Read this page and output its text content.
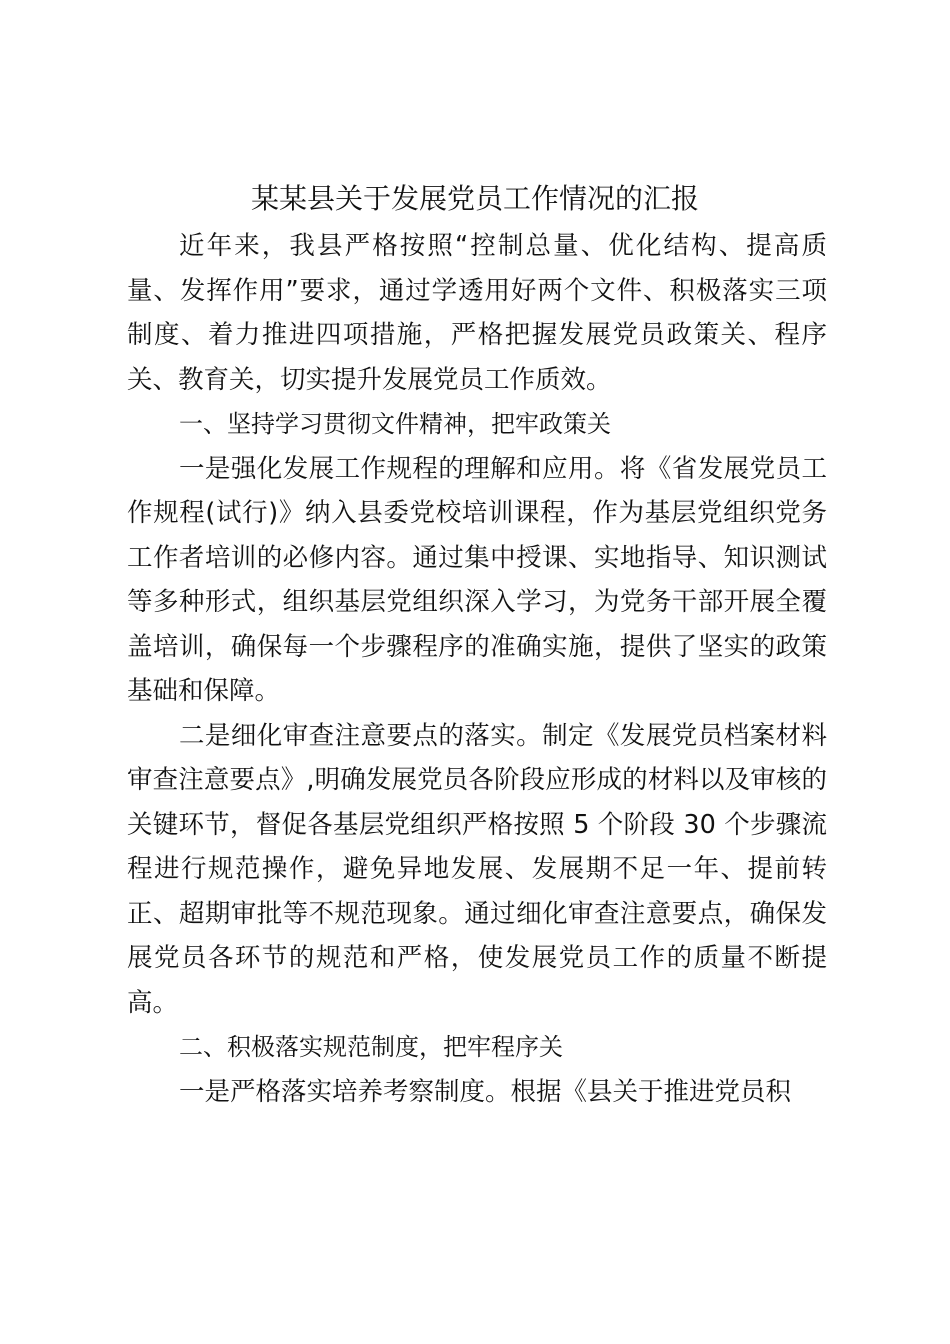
某某县关于发展党员工作情况的汇报

近年来，我县严格按照“控制总量、优化结构、提高质量、发挥作用”要求，通过学透用好两个文件、积极落实三项制度、着力推进四项措施，严格把握发展党员政策关、程序关、教育关，切实提升发展党员工作质效。

一、坚持学习贯彻文件精神，把牢政策关

一是强化发展工作规程的理解和应用。将《省发展党员工作规程(试行)》纳入县委党校培训课程，作为基层党组织党务工作者培训的必修内容。通过集中授课、实地指导、知识测试等多种形式，组织基层党组织深入学习，为党务干部开展全覆盖培训，确保每一个步骤程序的准确实施，提供了坚实的政策基础和保障。

二是细化审查注意要点的落实。制定《发展党员档案材料审查注意要点》,明确发展党员各阶段应形成的材料以及审核的关键环节，督促各基层党组织严格按照 5 个阶段 30 个步骤流程进行规范操作，避免异地发展、发展期不足一年、提前转正、超期审批等不规范现象。通过细化审查注意要点，确保发展党员各环节的规范和严格，使发展党员工作的质量不断提高。

二、积极落实规范制度，把牢程序关

一是严格落实培养考察制度。根据《县关于推进党员积
